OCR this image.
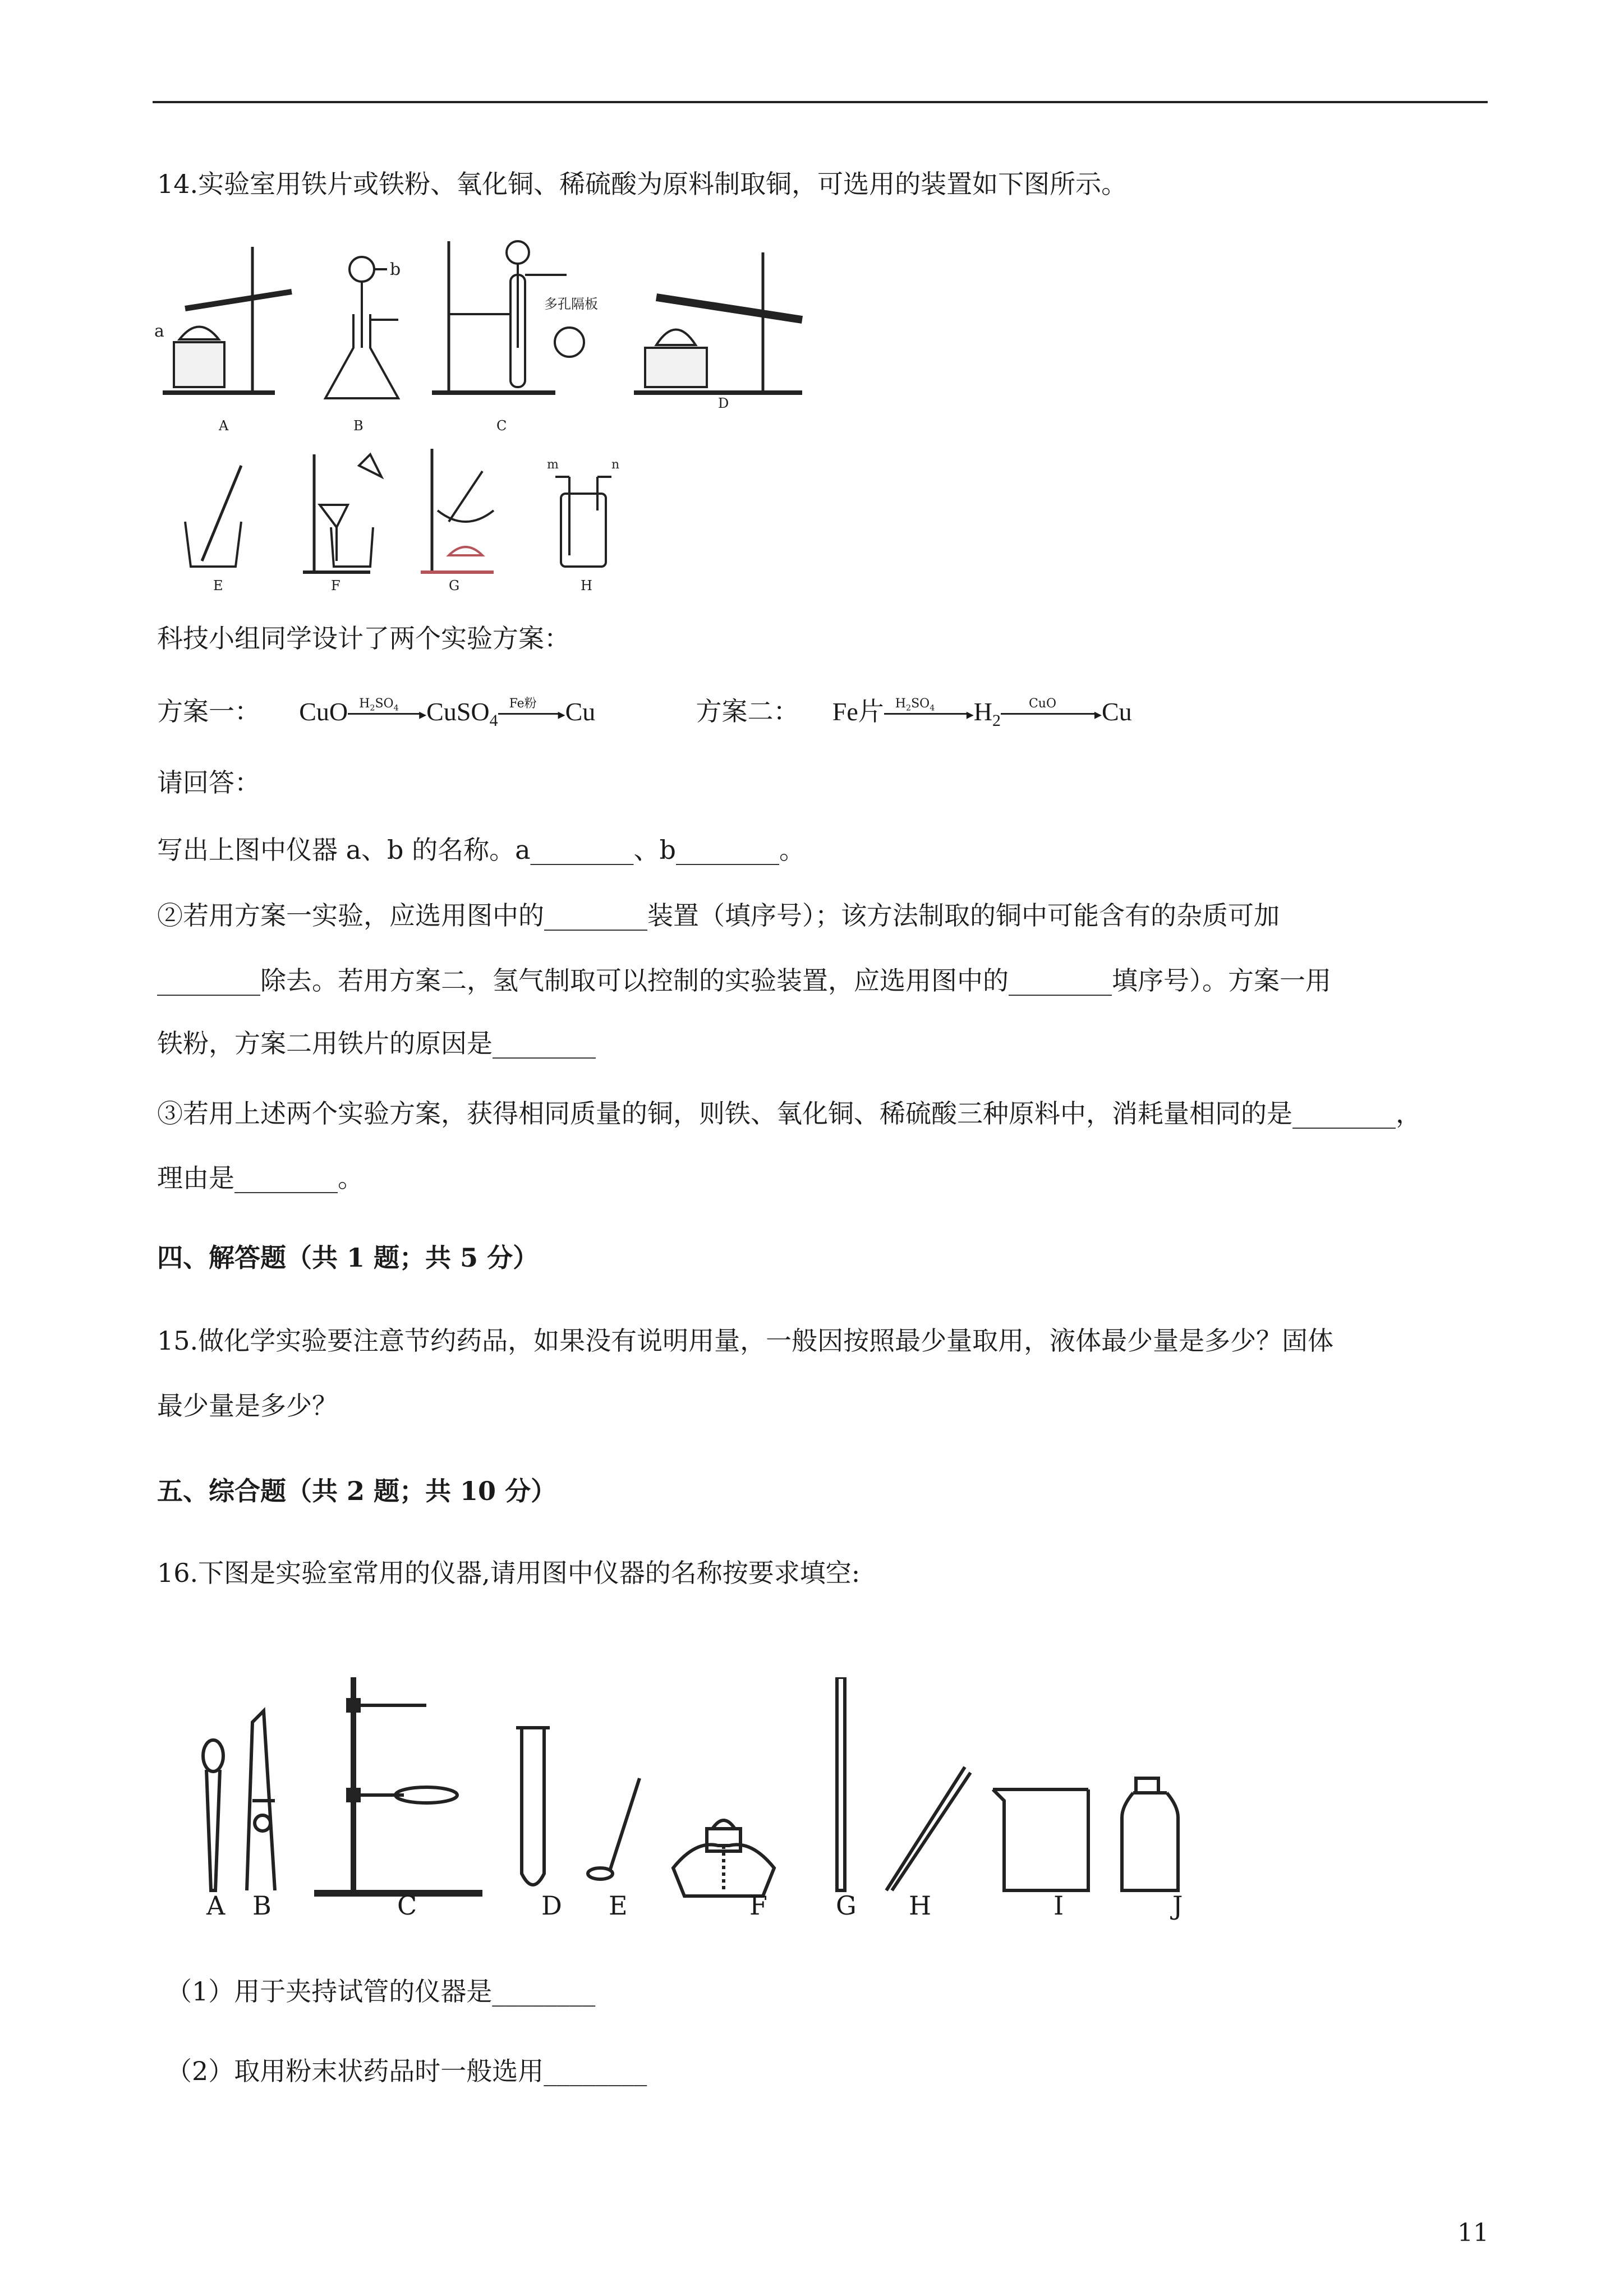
14.实验室用铁片或铁粉、氧化铜、稀硫酸为原料制取铜，可选用的装置如下图所示。
a
b
多孔隔板
A	B	C
D
m	n
E	F	G	H
科技小组同学设计了两个实验方案：
方案一： CuO $H_2SO_4$ ▸ CuSO$_4$
Fe粉
▸ Cu	方案二： Fe片 $H_2SO_4$ ▸ $H_2$
CuO
▸ Cu
请回答：
写出上图中仪器 a、b 的名称。a________、b________。
②若用方案一实验，应选用图中的________装置（填序号）；该方法制取的铜中可能含有的杂质可加
________除去。若用方案二，氢气制取可以控制的实验装置，应选用图中的________填序号）。方案一用
铁粉，方案二用铁片的原因是________
③若用上述两个实验方案，获得相同质量的铜，则铁、氧化铜、稀硫酸三种原料中，消耗量相同的是________，
理由是________。
四、解答题（共 1 题；共 5 分）
15.做化学实验要注意节约药品，如果没有说明用量，一般因按照最少量取用，液体最少量是多少？固体
最少量是多少？
五、综合题（共 2 题；共 10 分）
16.下图是实验室常用的仪器,请用图中仪器的名称按要求填空:
A B	C	D E	F	G H	I	J
（1）用于夹持试管的仪器是________
（2）取用粉末状药品时一般选用________
11
